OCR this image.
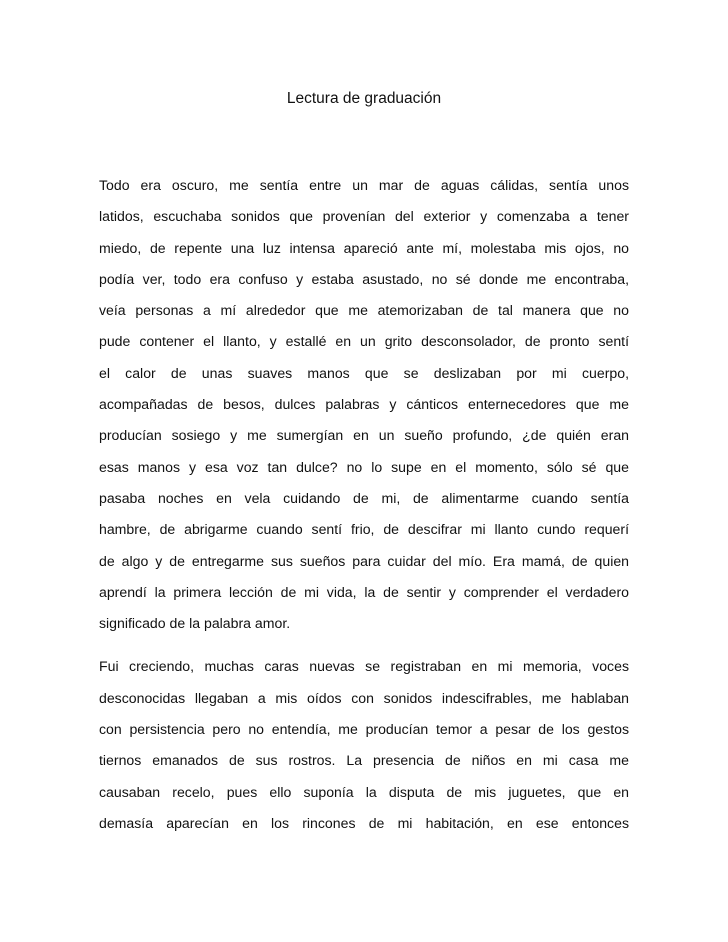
Lectura de graduación

Todo era oscuro, me sentía entre un mar de aguas cálidas, sentía unos
latidos, escuchaba sonidos que provenían del exterior y comenzaba a tener
miedo, de repente una luz intensa apareció ante mí, molestaba mis ojos, no
podía ver, todo era confuso y estaba asustado, no sé donde me encontraba,
veía personas a mí alrededor que me atemorizaban de tal manera que no
pude contener el llanto, y estallé en un grito desconsolador, de pronto sentí
el calor de unas suaves manos que se deslizaban por mi cuerpo,
acompañadas de besos, dulces palabras y cánticos enternecedores que me
producían sosiego y me sumergían en un sueño profundo, ¿de quién eran
esas manos y esa voz tan dulce? no lo supe en el momento, sólo sé que
pasaba noches en vela cuidando de mi, de alimentarme cuando sentía
hambre, de abrigarme cuando sentí frio, de descifrar mi llanto cundo requerí
de algo y de entregarme sus sueños para cuidar del mío. Era mamá, de quien
aprendí la primera lección de mi vida, la de sentir y comprender el verdadero
significado de la palabra amor.

Fui creciendo, muchas caras nuevas se registraban en mi memoria, voces
desconocidas llegaban a mis oídos con sonidos indescifrables, me hablaban
con persistencia pero no entendía, me producían temor a pesar de los gestos
tiernos emanados de sus rostros. La presencia de niños en mi casa me
causaban recelo, pues ello suponía la disputa de mis juguetes, que en
demasía aparecían en los rincones de mi habitación, en ese entonces
